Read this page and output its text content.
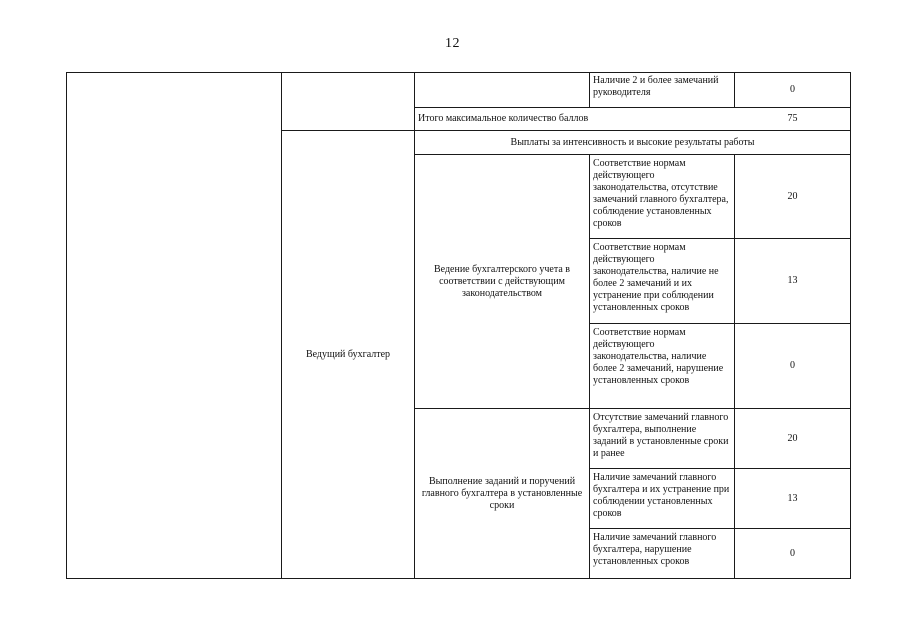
12
Наличие 2 и более замечаний руководителя	0
Итого максимальное количество баллов	75
Ведущий бухгалтер
Выплаты за интенсивность и высокие результаты работы
Ведение бухгалтерского учета в соответствии с действующим законодательством
Соответствие нормам действующего законодательства, отсутствие замечаний главного бухгалтера, соблюдение установленных сроков
20
Соответствие нормам действующего законодательства, наличие не более 2 замечаний и их устранение при соблюдении установленных сроков
13
Соответствие нормам действующего законодательства, наличие более 2 замечаний, нарушение установленных сроков
0
Выполнение заданий и поручений главного бухгалтера в установленные сроки
Отсутствие замечаний главного бухгалтера, выполнение заданий в установленные сроки и ранее
20
Наличие замечаний главного бухгалтера и их устранение при соблюдении установленных сроков
13
Наличие замечаний главного бухгалтера, нарушение установленных сроков
0
